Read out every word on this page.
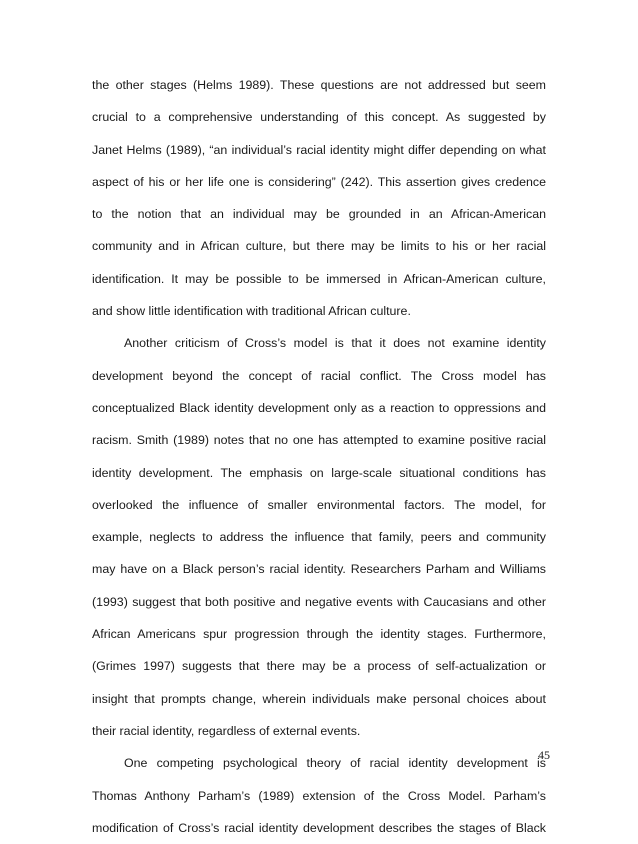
the other stages (Helms 1989). These questions are not addressed but seem
crucial to a comprehensive understanding of this concept. As suggested by
Janet Helms (1989), “an individual’s racial identity might differ depending on what
aspect of his or her life one is considering” (242). This assertion gives credence
to the notion that an individual may be grounded in an African-American
community and in African culture, but there may be limits to his or her racial
identification. It may be possible to be immersed in African-American culture,
and show little identification with traditional African culture.
Another criticism of Cross’s model is that it does not examine identity
development beyond the concept of racial conflict. The Cross model has
conceptualized Black identity development only as a reaction to oppressions and
racism. Smith (1989) notes that no one has attempted to examine positive racial
identity development. The emphasis on large-scale situational conditions has
overlooked the influence of smaller environmental factors. The model, for
example, neglects to address the influence that family, peers and community
may have on a Black person’s racial identity. Researchers Parham and Williams
(1993) suggest that both positive and negative events with Caucasians and other
African Americans spur progression through the identity stages. Furthermore,
(Grimes 1997) suggests that there may be a process of self-actualization or
insight that prompts change, wherein individuals make personal choices about
their racial identity, regardless of external events.
One competing psychological theory of racial identity development is
Thomas Anthony Parham’s (1989) extension of the Cross Model. Parham’s
modification of Cross’s racial identity development describes the stages of Black
45
